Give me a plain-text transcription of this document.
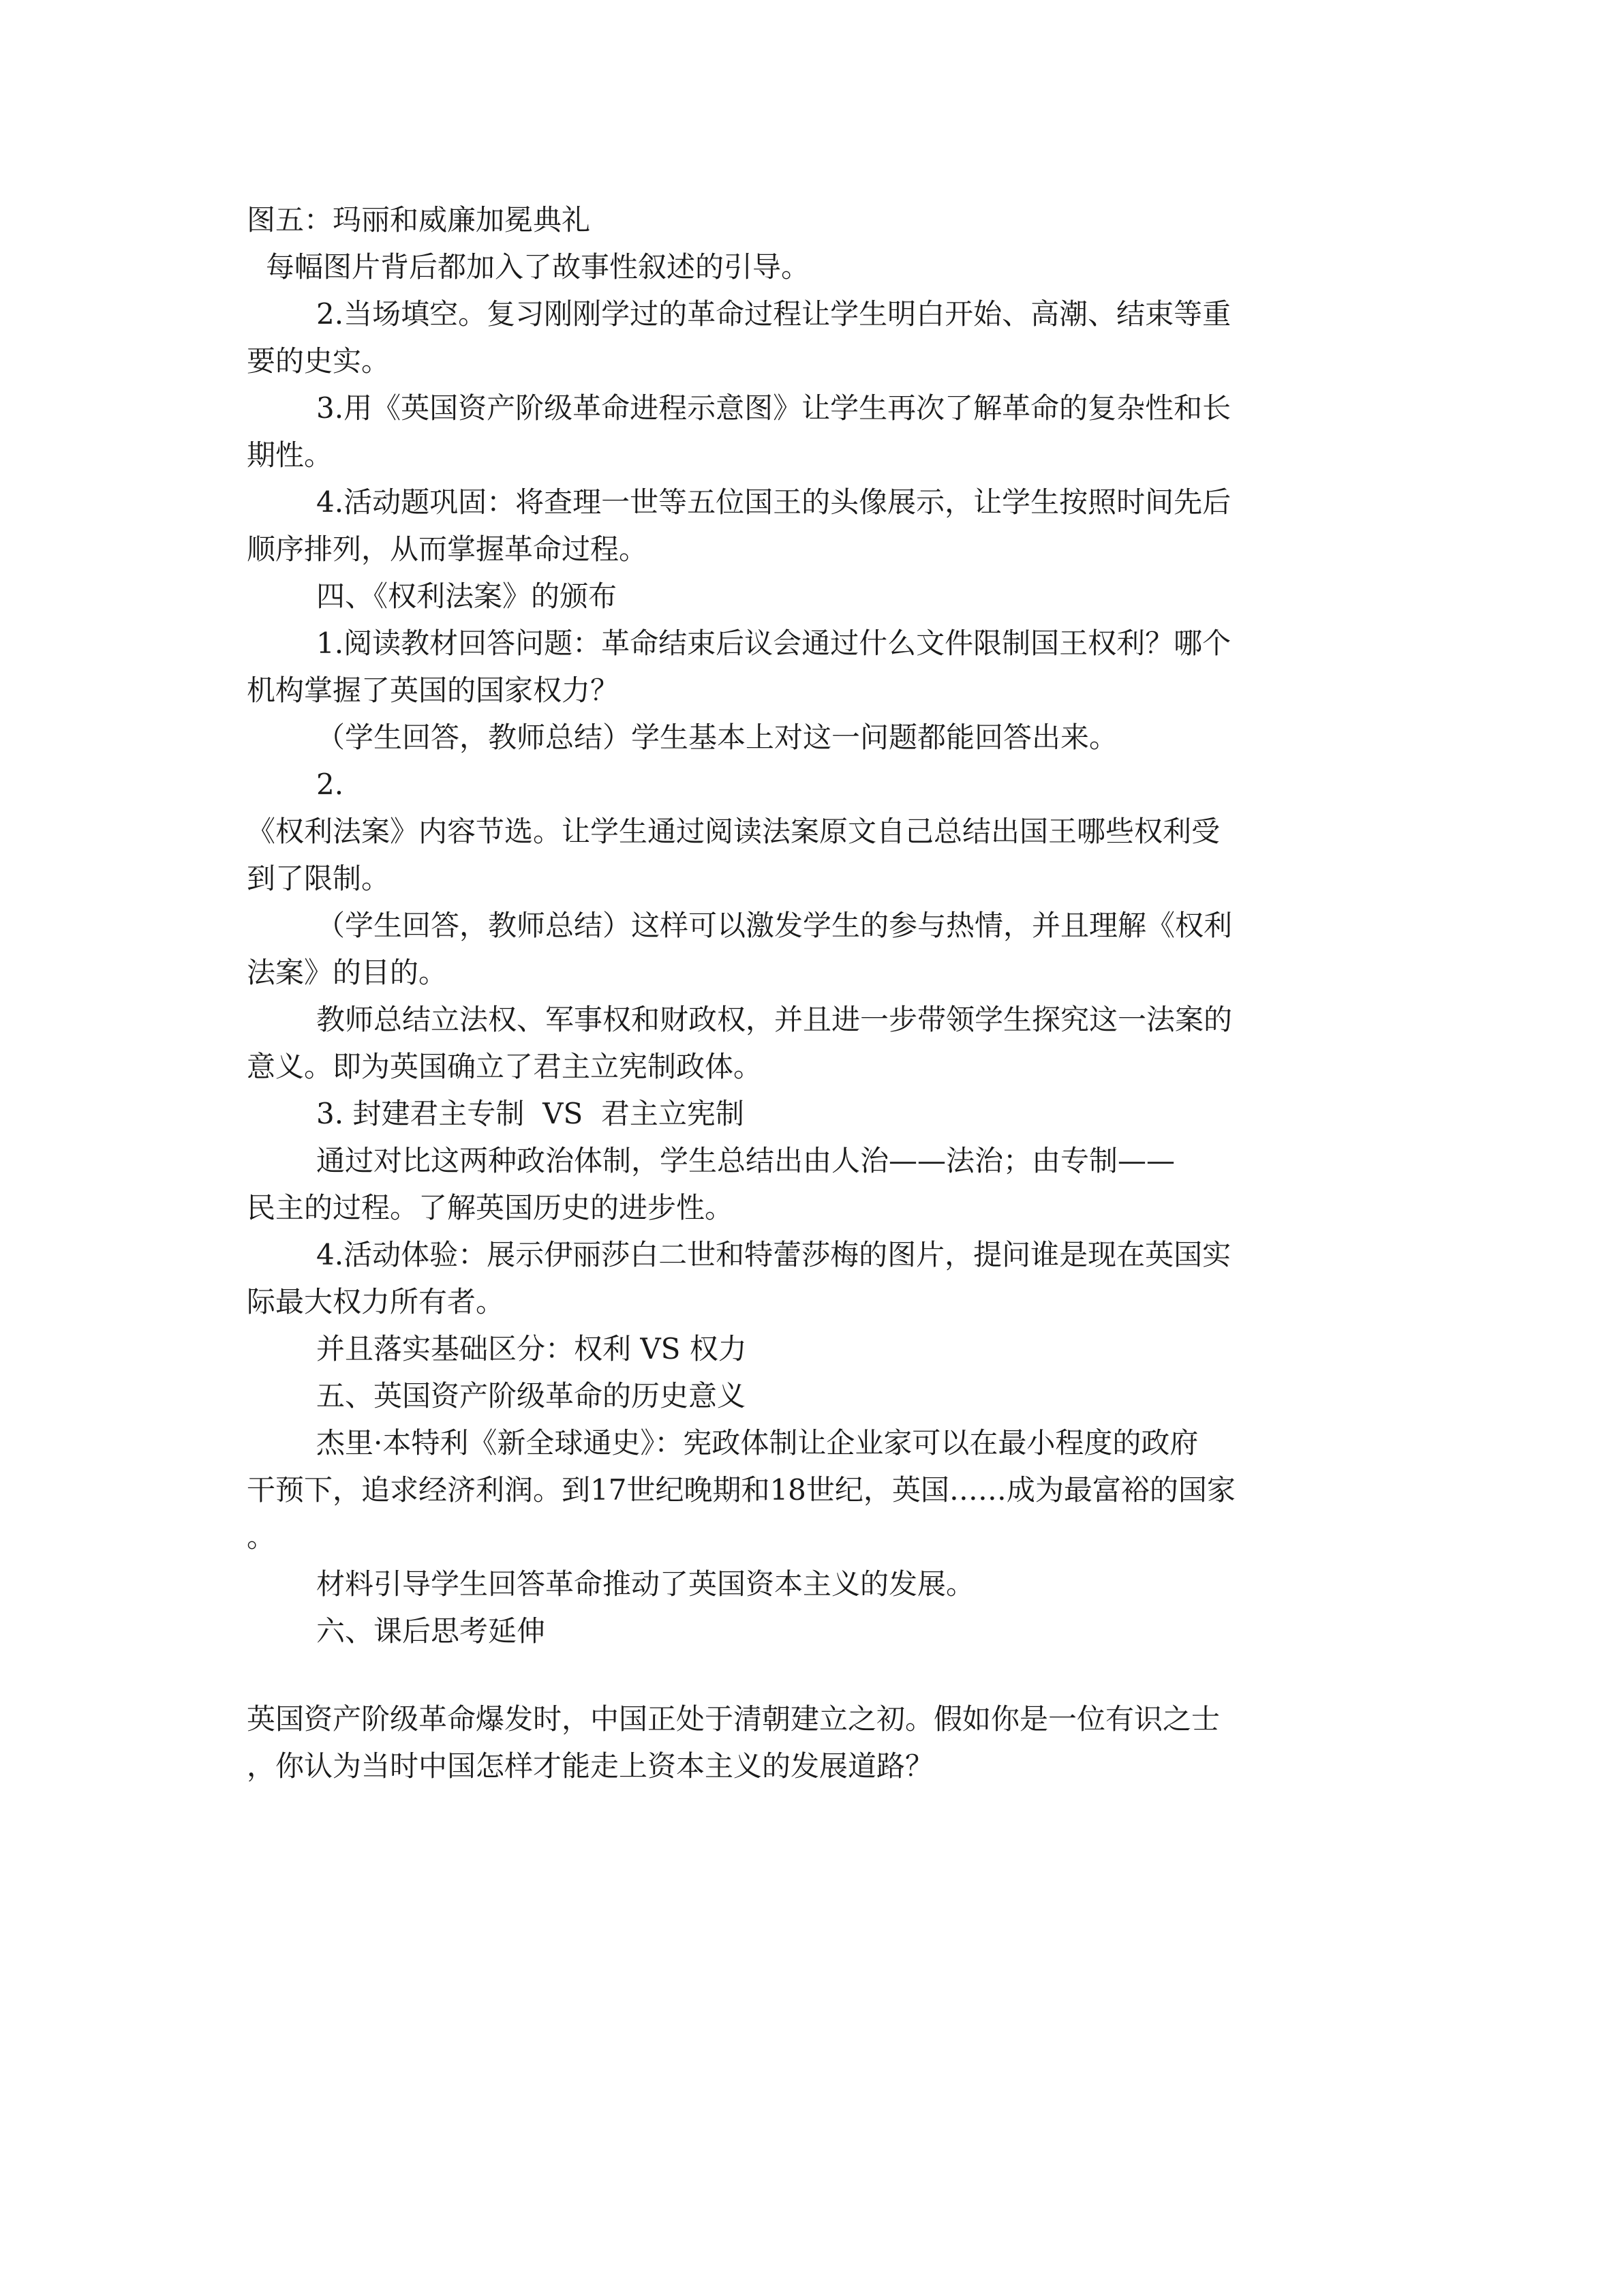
图五：玛丽和威廉加冕典礼
每幅图片背后都加入了故事性叙述的引导。
2.当场填空。复习刚刚学过的革命过程让学生明白开始、高潮、结束等重
要的史实。
3.用《英国资产阶级革命进程示意图》让学生再次了解革命的复杂性和长
期性。
4.活动题巩固：将查理一世等五位国王的头像展示，让学生按照时间先后
顺序排列，从而掌握革命过程。
四、《权利法案》的颁布
1.阅读教材回答问题：革命结束后议会通过什么文件限制国王权利？哪个
机构掌握了英国的国家权力？
（学生回答，教师总结）学生基本上对这一问题都能回答出来。
2.
《权利法案》内容节选。让学生通过阅读法案原文自己总结出国王哪些权利受
到了限制。
（学生回答，教师总结）这样可以激发学生的参与热情，并且理解《权利
法案》的目的。
教师总结立法权、军事权和财政权，并且进一步带领学生探究这一法案的
意义。即为英国确立了君主立宪制政体。
3. 封建君主专制  VS  君主立宪制
通过对比这两种政治体制，学生总结出由人治——法治；由专制——
民主的过程。了解英国历史的进步性。
4.活动体验：展示伊丽莎白二世和特蕾莎梅的图片，提问谁是现在英国实
际最大权力所有者。
并且落实基础区分：权利 VS 权力
五、英国资产阶级革命的历史意义
杰里·本特利《新全球通史》：宪政体制让企业家可以在最小程度的政府
干预下，追求经济利润。到17世纪晚期和18世纪，英国……成为最富裕的国家
。
材料引导学生回答革命推动了英国资本主义的发展。
六、课后思考延伸
英国资产阶级革命爆发时，中国正处于清朝建立之初。假如你是一位有识之士
，你认为当时中国怎样才能走上资本主义的发展道路？
